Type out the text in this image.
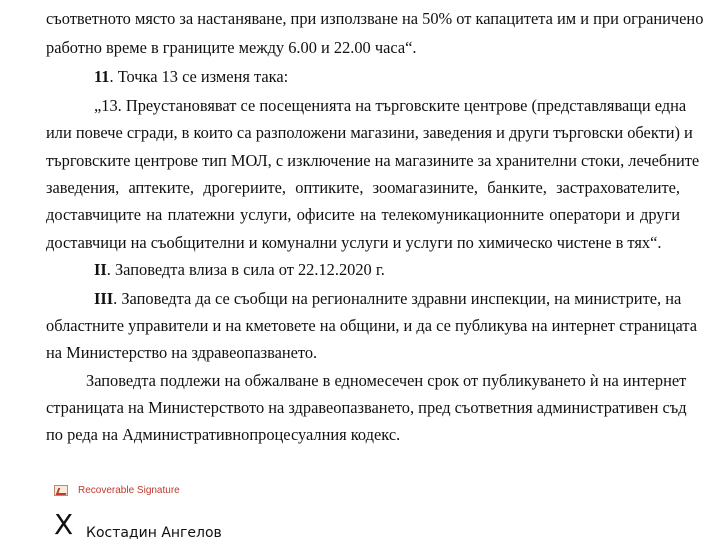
съответното място за настаняване, при използване на 50% от капацитета им и при ограничено

работно време в границите между 6.00 и 22.00 часа“.

11. Точка 13 се изменя така:

„13. Преустановяват се посещенията на търговските центрове (представляващи една

или повече сгради, в които са разположени магазини, заведения и други търговски обекти) и

търговските центрове тип МОЛ, с изключение на магазините за хранителни стоки, лечебните

заведения, аптеките, дрогериите, оптиките, зоомагазините, банките, застрахователите,

доставчиците на платежни услуги, офисите на телекомуникационните оператори и други

доставчици на съобщителни и комунални услуги и услуги по химическо чистене в тях“.

II. Заповедта влиза в сила от 22.12.2020 г.

III. Заповедта да се съобщи на регионалните здравни инспекции, на министрите, на

областните управители и на кметовете на общини, и да се публикува на интернет страницата

на Министерство на здравеопазването.

Заповедта подлежи на обжалване в едномесечен срок от публикуването ѝ на интернет

страницата на Министерството на здравеопазването, пред съответния административен съд

по реда на Административнопроцесуалния кодекс.

Recoverable Signature
X Костадин Ангелов
